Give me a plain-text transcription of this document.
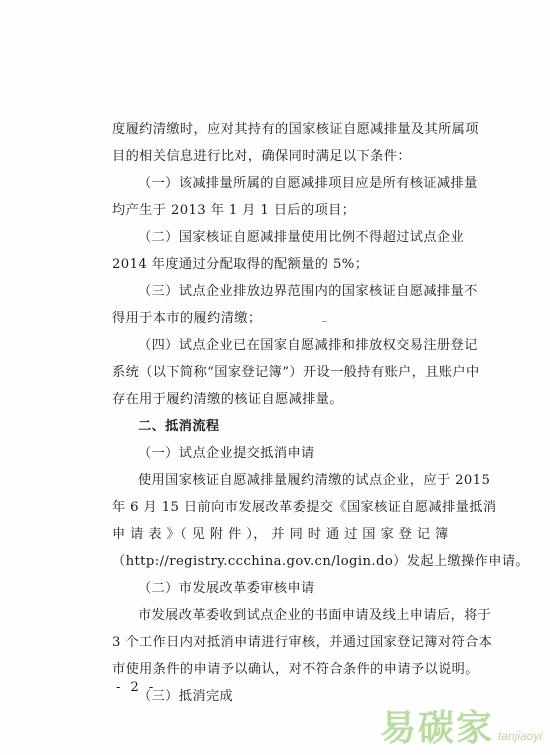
度履约清缴时，应对其持有的国家核证自愿减排量及其所属项
目的相关信息进行比对，确保同时满足以下条件：
（一）该减排量所属的自愿减排项目应是所有核证减排量
均产生于 2013 年 1 月 1 日后的项目；
（二）国家核证自愿减排量使用比例不得超过试点企业
2014 年度通过分配取得的配额量的 5%；
（三）试点企业排放边界范围内的国家核证自愿减排量不
得用于本市的履约清缴；
（四）试点企业已在国家自愿减排和排放权交易注册登记
系统（以下简称“国家登记簿”）开设一般持有账户，且账户中
存在用于履约清缴的核证自愿减排量。
二、抵消流程
（一）试点企业提交抵消申请
使用国家核证自愿减排量履约清缴的试点企业，应于 2015
年 6 月 15 日前向市发展改革委提交《国家核证自愿减排量抵消
申 请 表 》（ 见 附 件 ）， 并 同 时 通 过 国 家 登 记 簿
（http://registry.ccchina.gov.cn/login.do）发起上缴操作申请。
（二）市发展改革委审核申请
市发展改革委收到试点企业的书面申请及线上申请后，将于
3 个工作日内对抵消申请进行审核，并通过国家登记簿对符合本
市使用条件的申请予以确认，对不符合条件的申请予以说明。
（三）抵消完成
~
- 2 -
易碳家 tanjiaoyi
